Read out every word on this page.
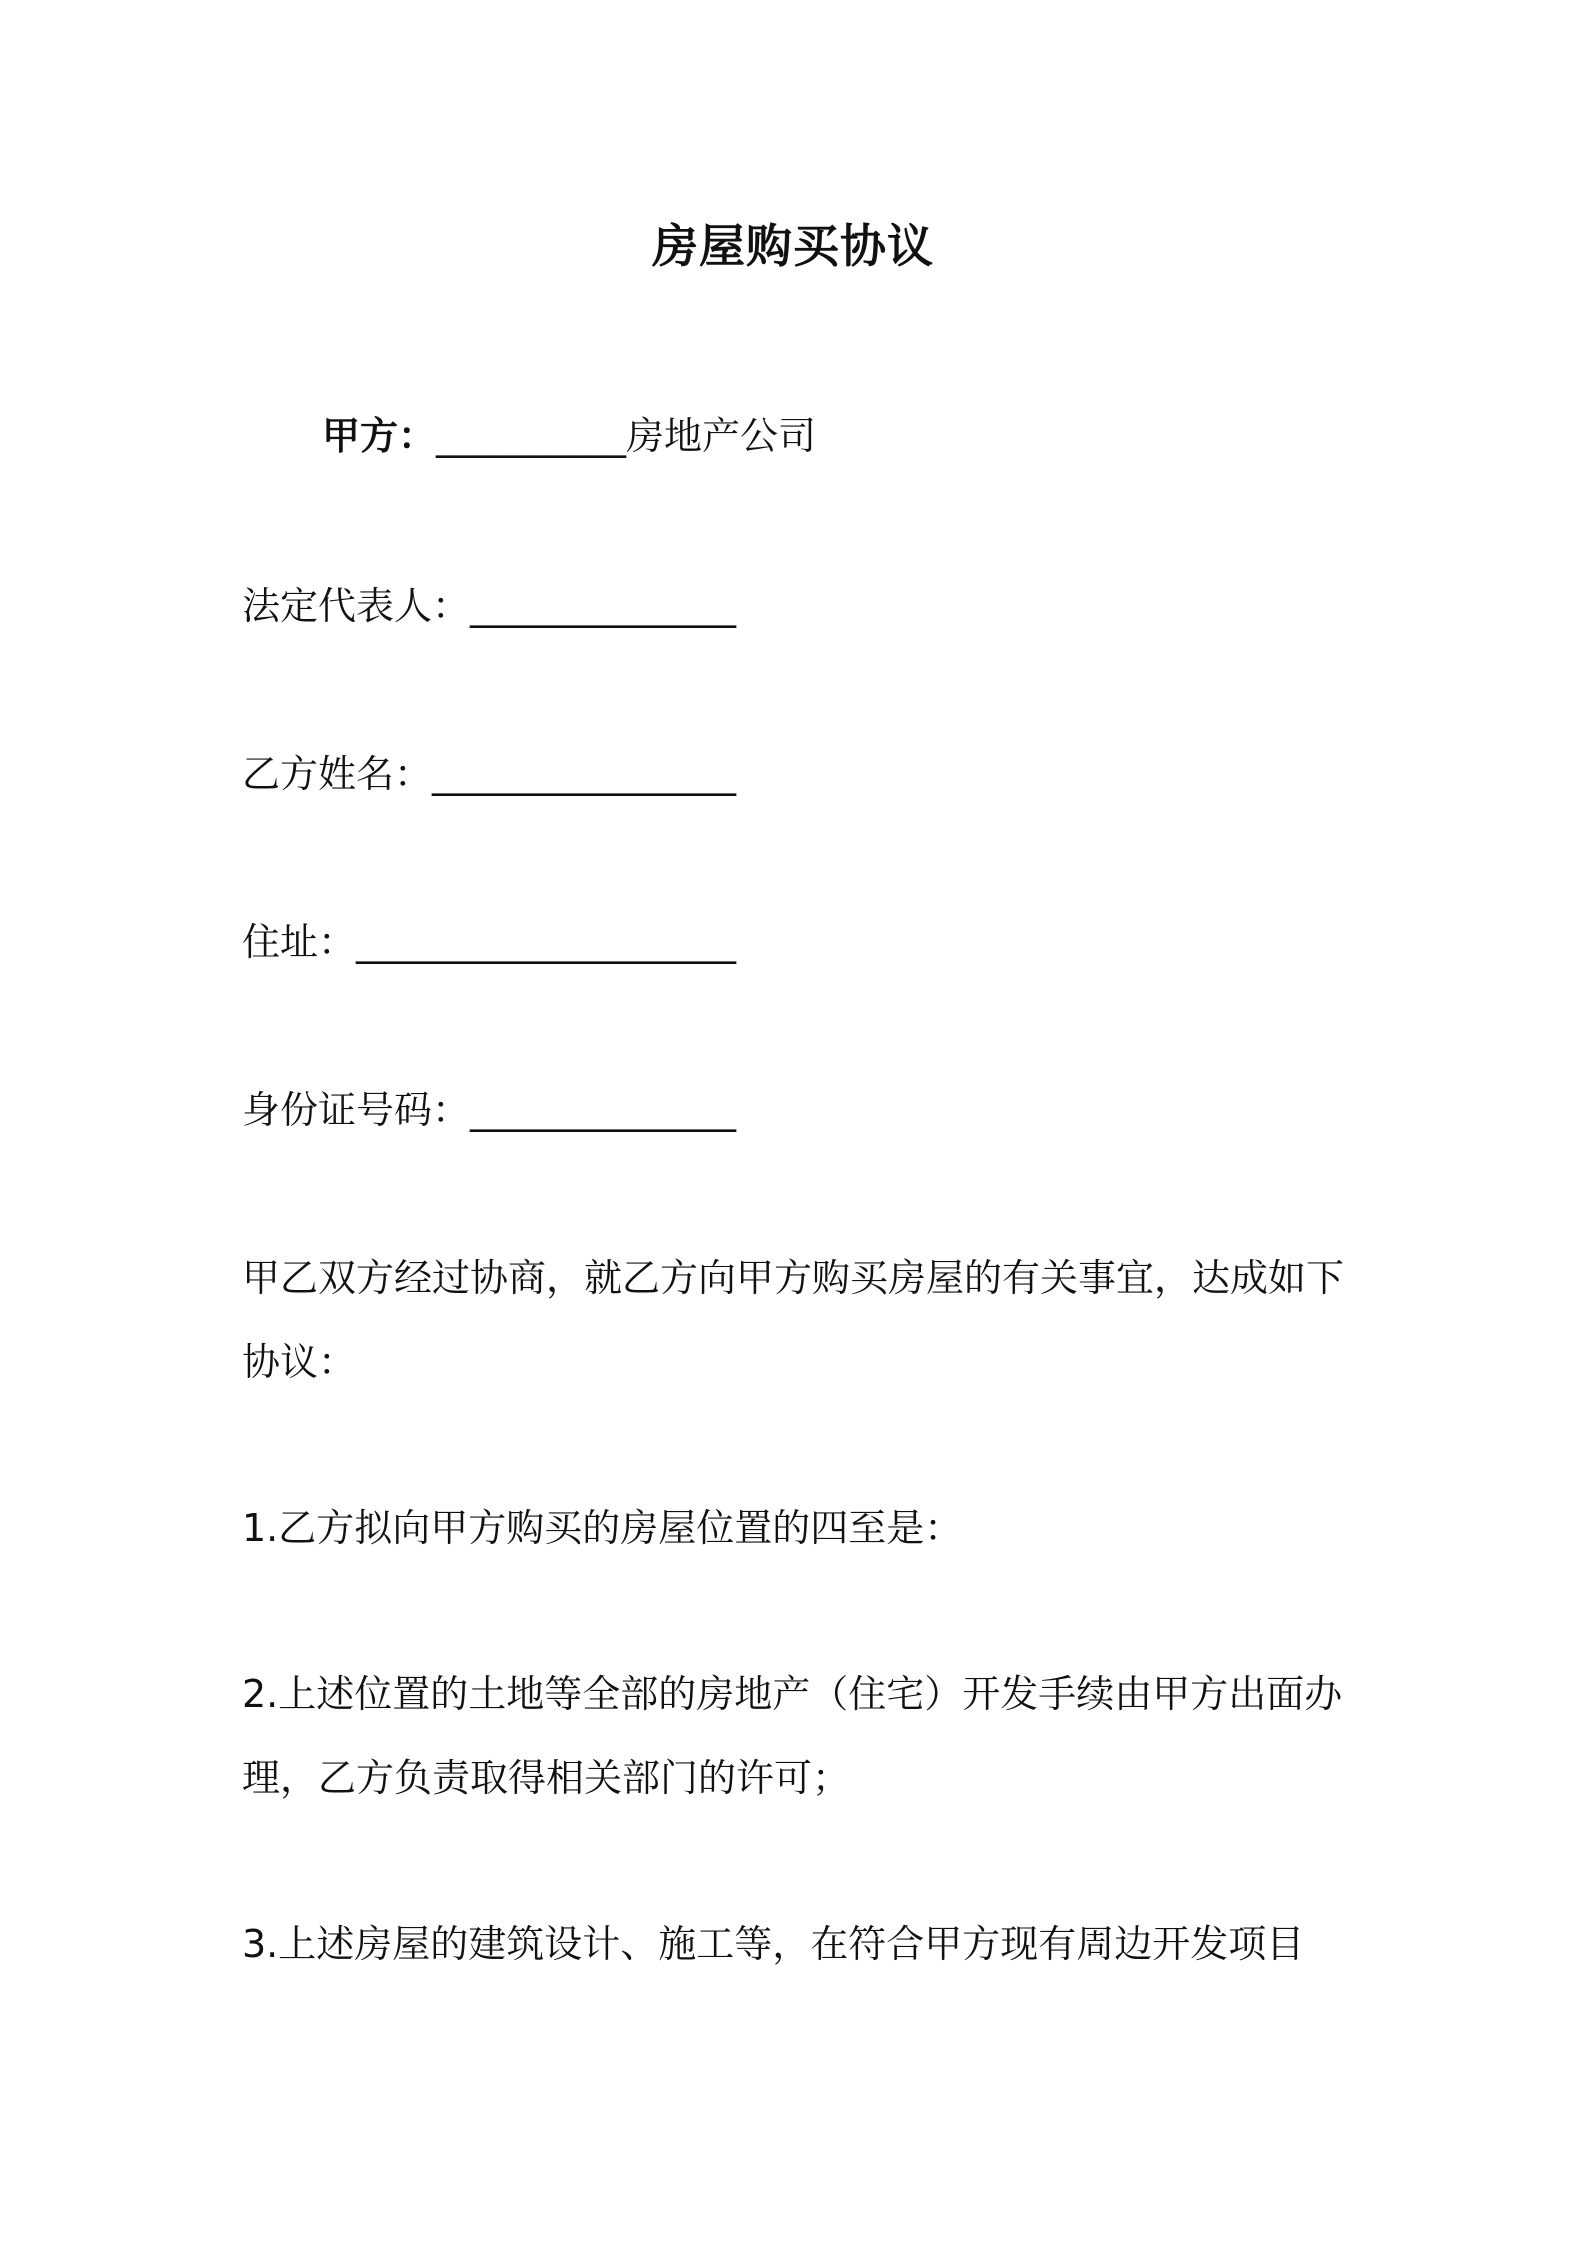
房屋购买协议
甲方：__________房地产公司
法定代表人：______________
乙方姓名：________________
住址：____________________
身份证号码：______________
甲乙双方经过协商，就乙方向甲方购买房屋的有关事宜，达成如下协议：
1.乙方拟向甲方购买的房屋位置的四至是：
2.上述位置的土地等全部的房地产（住宅）开发手续由甲方出面办理，乙方负责取得相关部门的许可；
3.上述房屋的建筑设计、施工等，在符合甲方现有周边开发项目
